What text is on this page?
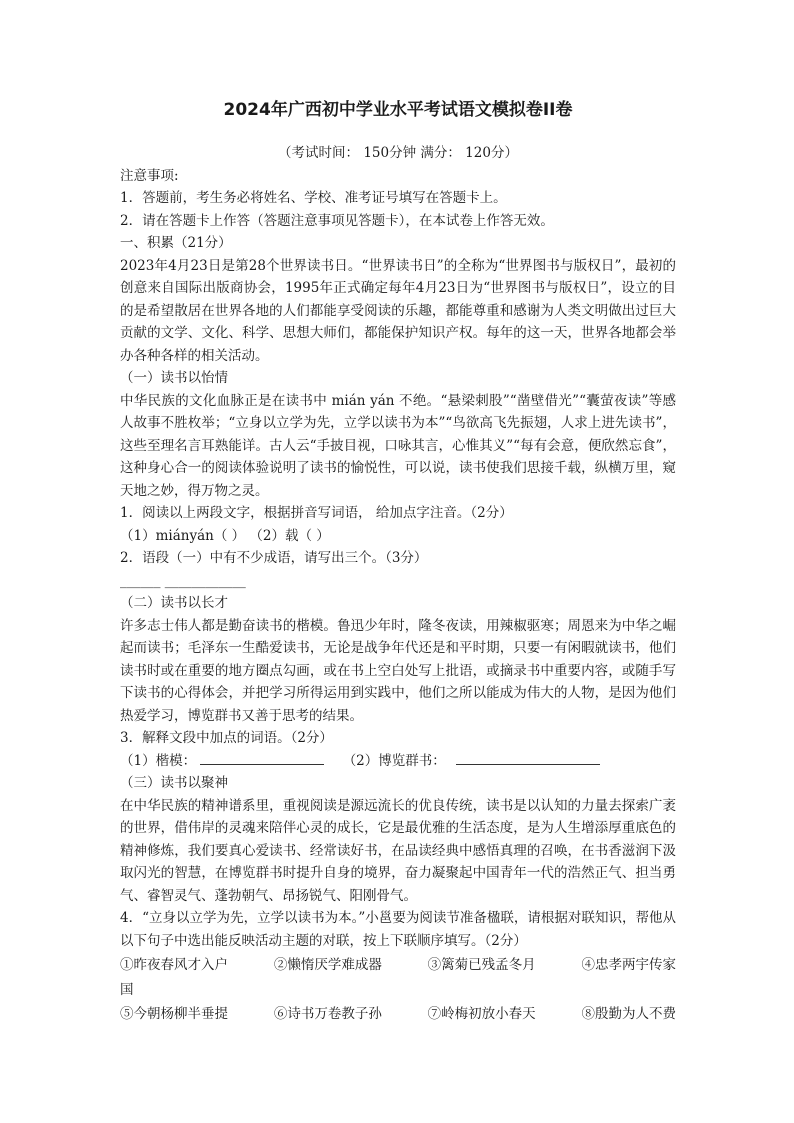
2024年广西初中学业水平考试语文模拟卷II卷

（考试时间： 150分钟 满分： 120分）

注意事项:

1．答题前，考生务必将姓名、学校、准考证号填写在答题卡上。

2．请在答题卡上作答（答题注意事项见答题卡），在本试卷上作答无效。

一、积累（21分）

2023年4月23日是第28个世界读书日。“世界读书日”的全称为“世界图书与版权日”，最初的创意来自国际出版商协会，1995年正式确定每年4月23日为“世界图书与版权日”，设立的目的是希望散居在世界各地的人们都能享受阅读的乐趣，都能尊重和感谢为人类文明做出过巨大贡献的文学、文化、科学、思想大师们，都能保护知识产权。每年的这一天，世界各地都会举办各种各样的相关活动。

（一）读书以怡情

中华民族的文化血脉正是在读书中 mián yán 不绝。“悬梁刺股”“凿壁借光”“囊萤夜读”等感人故事不胜枚举；“立身以立学为先，立学以读书为本”“鸟欲高飞先振翅，人求上进先读书”，这些至理名言耳熟能详。古人云“手披目视，口咏其言，心惟其义”“每有会意，便欣然忘食”，这种身心合一的阅读体验说明了读书的愉悦性，可以说，读书使我们思接千载，纵横万里，窥天地之妙，得万物之灵。

1．阅读以上两段文字，根据拼音写词语， 给加点字注音。（2分）

（1）miányán（ ） （2）载（ ）

2．语段（一）中有不少成语，请写出三个。（3分）

______ ____________

（二）读书以长才

许多志士伟人都是勤奋读书的楷模。鲁迅少年时，隆冬夜读，用辣椒驱寒；周恩来为中华之崛起而读书；毛泽东一生酷爱读书，无论是战争年代还是和平时期，只要一有闲暇就读书，他们读书时或在重要的地方圈点勾画，或在书上空白处写上批语，或摘录书中重要内容，或随手写下读书的心得体会，并把学习所得运用到实践中，他们之所以能成为伟大的人物，是因为他们热爱学习，博览群书又善于思考的结果。

3．解释文段中加点的词语。（2分）

（1）楷模：	（2）博览群书：

（三）读书以聚神

在中华民族的精神谱系里，重视阅读是源远流长的优良传统，读书是以认知的力量去探索广袤的世界，借伟岸的灵魂来陪伴心灵的成长，它是最优雅的生活态度，是为人生增添厚重底色的精神修炼，我们要真心爱读书、经常读好书，在品读经典中感悟真理的召唤，在书香滋润下汲取闪光的智慧，在博览群书时提升自身的境界，奋力凝聚起中国青年一代的浩然正气、担当勇气、睿智灵气、蓬勃朝气、昂扬锐气、阳刚骨气。

4．“立身以立学为先，立学以读书为本。”小邕要为阅读节准备楹联，请根据对联知识，帮他从以下句子中选出能反映活动主题的对联，按上下联顺序填写。（2分）

①昨夜春风才入户	②懒惰厌学难成器	③篱菊已残孟冬月	④忠孝两宇传家

国

⑤今朝杨柳半垂提	⑥诗书万卷教子孙	⑦岭梅初放小春天	⑧殷勤为人不费
